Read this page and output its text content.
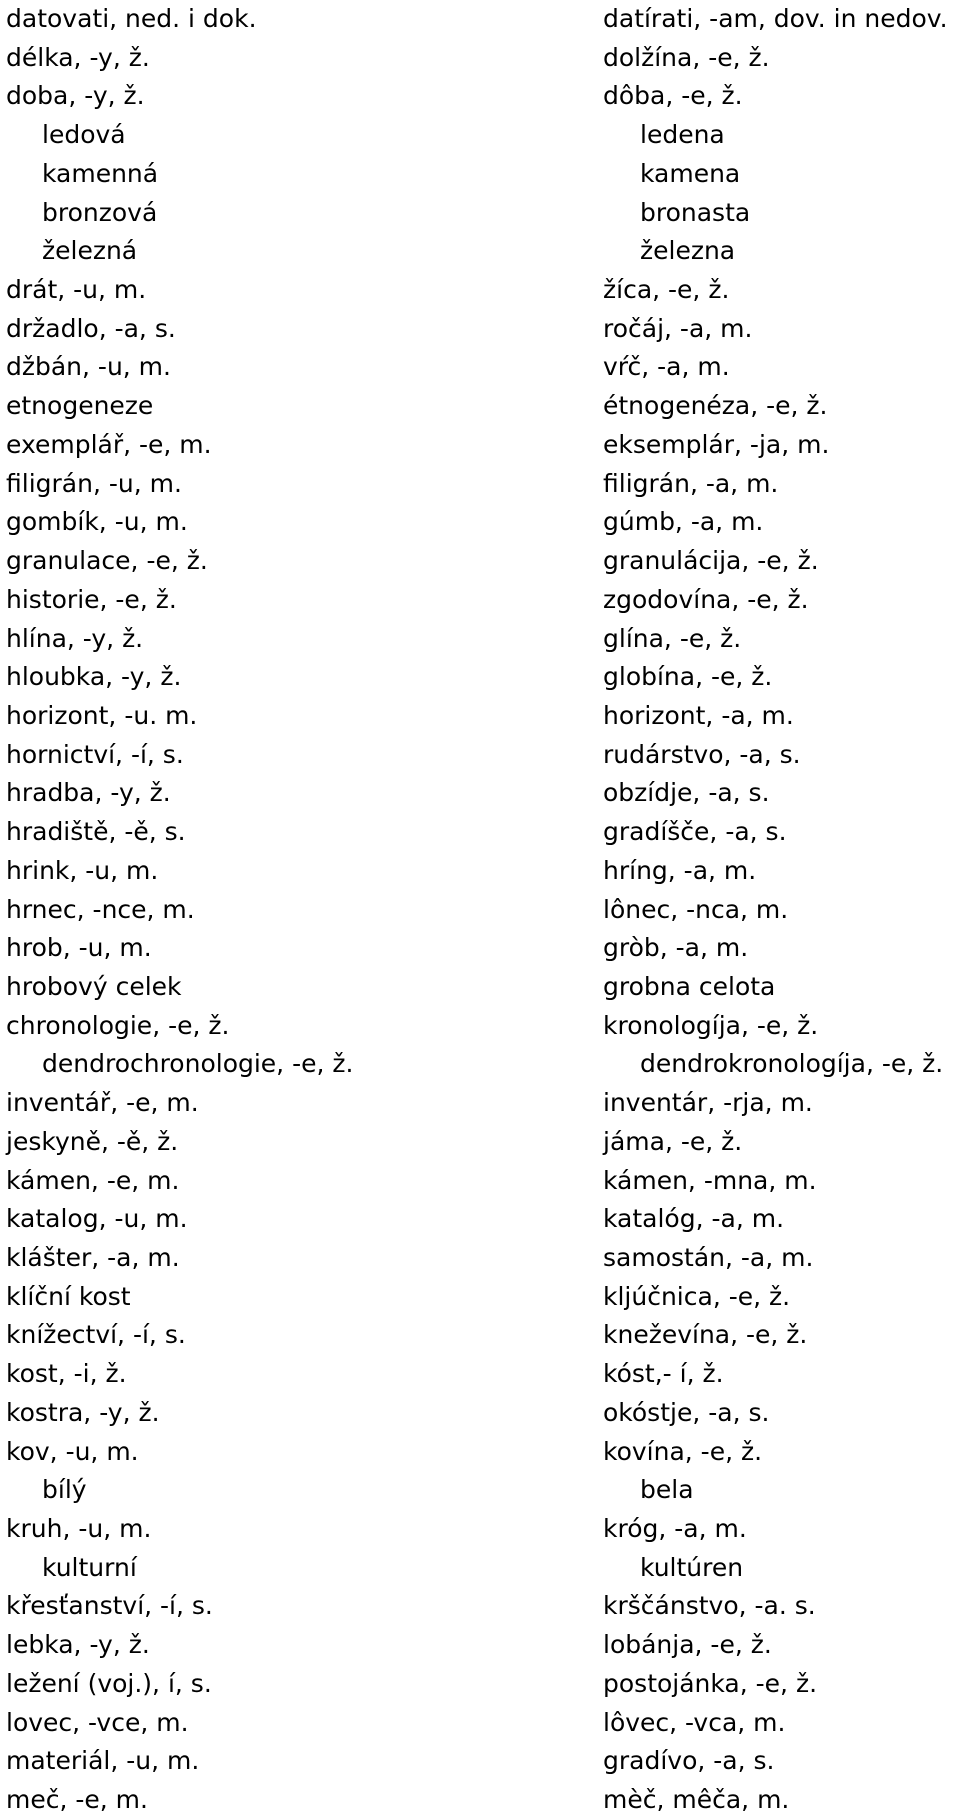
datovati, ned. i dok.	datírati, -am, dov. in nedov.
délka, -y, ž.	dolžína, -e, ž.
doba, -y, ž.	dôba, -e, ž.
ledová	ledena
kamenná	kamena
bronzová	bronasta
železná	železna
drát, -u, m.	žíca, -e, ž.
držadlo, -a, s.	ročáj, -a, m.
džbán, -u, m.	vŕč, -a, m.
etnogeneze	étnogenéza, -e, ž.
exemplář, -e, m.	eksemplár, -ja, m.
filigrán, -u, m.	filigrán, -a, m.
gombík, -u, m.	gúmb, -a, m.
granulace, -e, ž.	granulácija, -e, ž.
historie, -e, ž.	zgodovína, -e, ž.
hlína, -y, ž.	glína, -e, ž.
hloubka, -y, ž.	globína, -e, ž.
horizont, -u. m.	horizont, -a, m.
hornictví, -í, s.	rudárstvo, -a, s.
hradba, -y, ž.	obzídje, -a, s.
hradiště, -ě, s.	gradíšče, -a, s.
hrink, -u, m.	hríng, -a, m.
hrnec, -nce, m.	lônec, -nca, m.
hrob, -u, m.	gròb, -a, m.
hrobový celek	grobna celota
chronologie, -e, ž.	kronologíja, -e, ž.
dendrochronologie, -e, ž.	dendrokronologíja, -e, ž.
inventář, -e, m.	inventár, -rja, m.
jeskyně, -ě, ž.	jáma, -e, ž.
kámen, -e, m.	kámen, -mna, m.
katalog, -u, m.	katalóg, -a, m.
klášter, -a, m.	samostán, -a, m.
klíční kost	kljúčnica, -e, ž.
knížectví, -í, s.	kneževína, -e, ž.
kost, -i, ž.	kóst,- í, ž.
kostra, -y, ž.	okóstje, -a, s.
kov, -u, m.	kovína, -e, ž.
bílý	bela
kruh, -u, m.	króg, -a, m.
kulturní	kultúren
křesťanství, -í, s.	krščánstvo, -a. s.
lebka, -y, ž.	lobánja, -e, ž.
ležení (voj.), í, s.	postojánka, -e, ž.
lovec, -vce, m.	lôvec, -vca, m.
materiál, -u, m.	gradívo, -a, s.
meč, -e, m.	mèč, mêča, m.
